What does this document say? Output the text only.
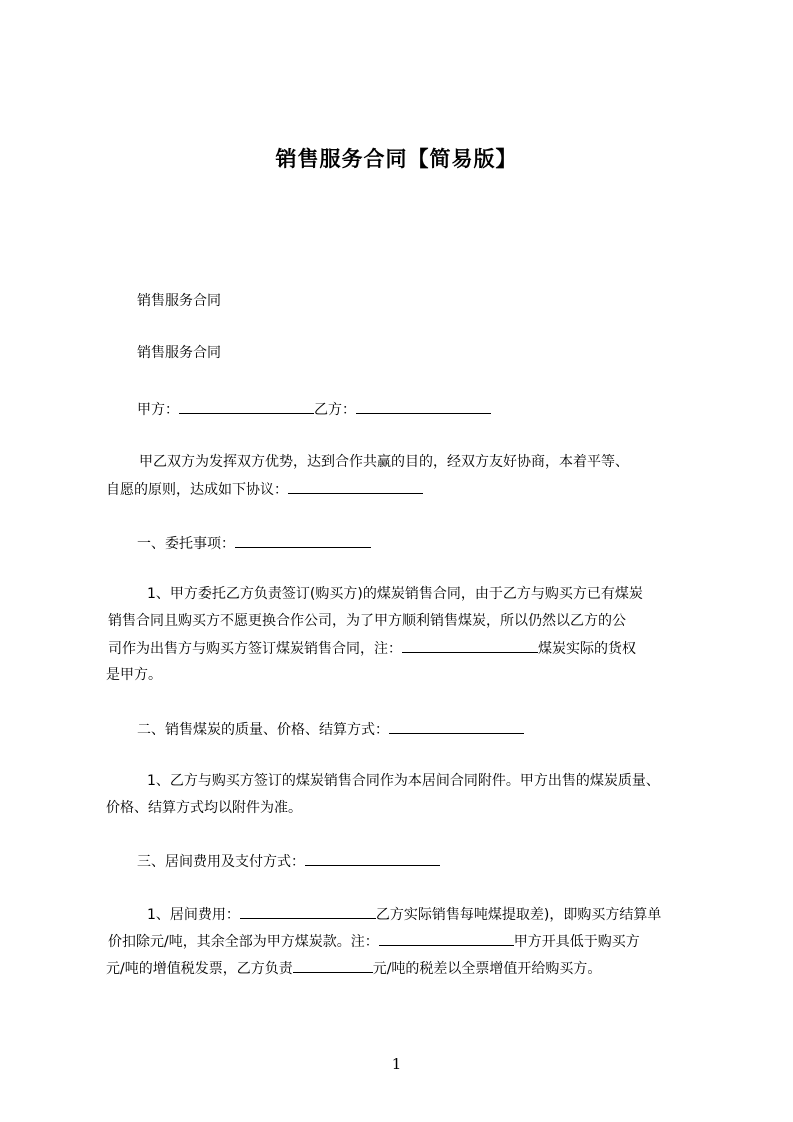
销售服务合同【简易版】
销售服务合同
销售服务合同
甲方：	乙方：
甲乙双方为发挥双方优势，达到合作共赢的目的，经双方友好协商，本着平等、
自愿的原则，达成如下协议：
一、委托事项：
1、甲方委托乙方负责签订(购买方)的煤炭销售合同，由于乙方与购买方已有煤炭
销售合同且购买方不愿更换合作公司，为了甲方顺利销售煤炭，所以仍然以乙方的公
司作为出售方与购买方签订煤炭销售合同，注：	煤炭实际的货权
是甲方。
二、销售煤炭的质量、价格、结算方式：
1、乙方与购买方签订的煤炭销售合同作为本居间合同附件。甲方出售的煤炭质量、
价格、结算方式均以附件为准。
三、居间费用及支付方式：
1、居间费用：	乙方实际销售每吨煤提取差)，即购买方结算单
价扣除元/吨，其余全部为甲方煤炭款。注：	甲方开具低于购买方
元/吨的增值税发票，乙方负责	元/吨的税差以全票增值开给购买方。
1
